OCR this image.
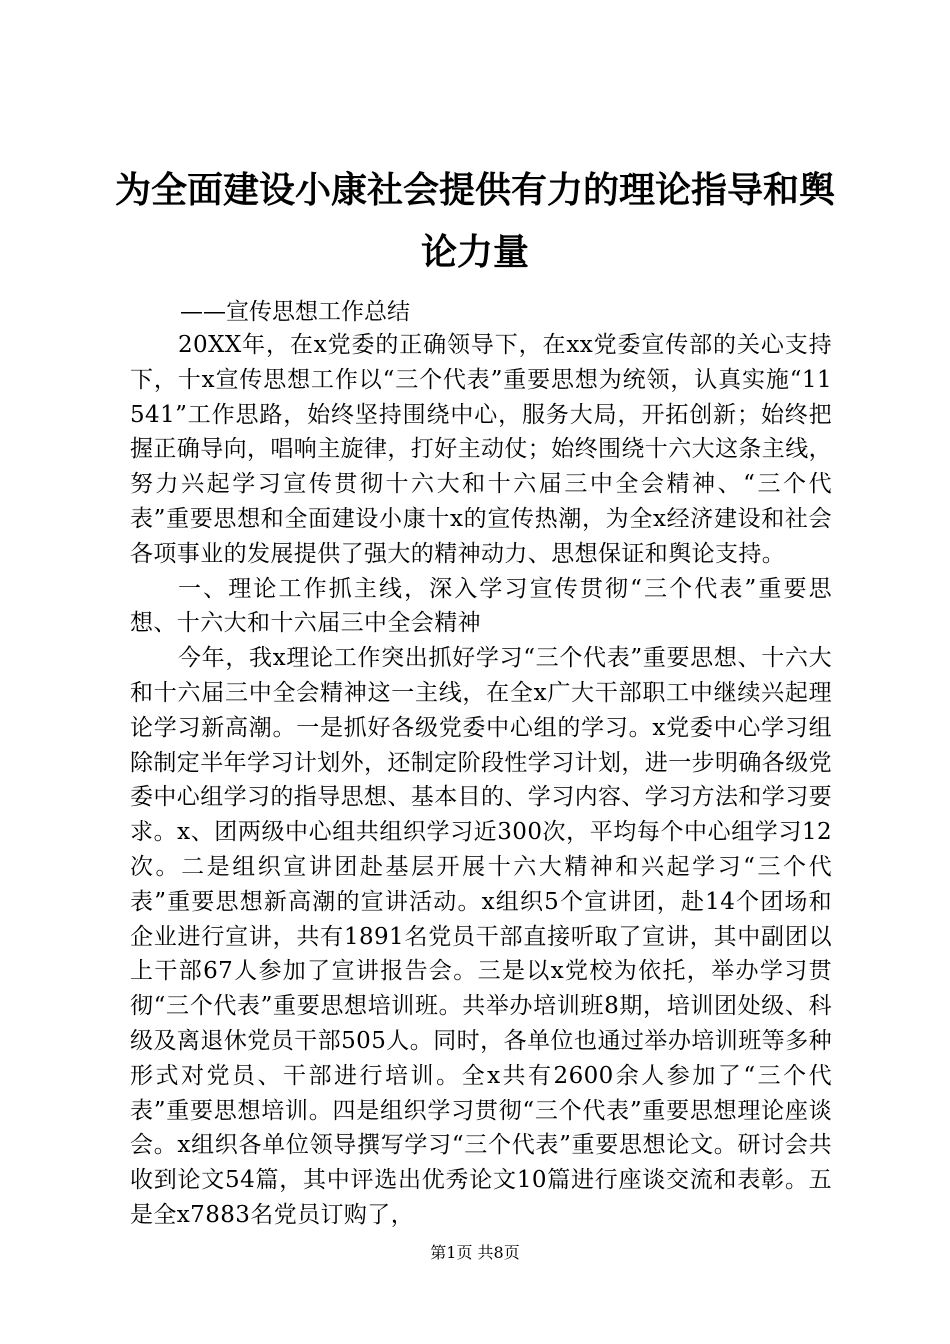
为全面建设小康社会提供有力的理论指导和舆论力量

——宣传思想工作总结

20XX年，在x党委的正确领导下，在xx党委宣传部的关心支持下，十x宣传思想工作以“三个代表”重要思想为统领，认真实施“11541”工作思路，始终坚持围绕中心，服务大局，开拓创新；始终把握正确导向，唱响主旋律，打好主动仗；始终围绕十六大这条主线，努力兴起学习宣传贯彻十六大和十六届三中全会精神、“三个代表”重要思想和全面建设小康十x的宣传热潮，为全x经济建设和社会各项事业的发展提供了强大的精神动力、思想保证和舆论支持。

一、理论工作抓主线，深入学习宣传贯彻“三个代表”重要思想、十六大和十六届三中全会精神

今年，我x理论工作突出抓好学习“三个代表”重要思想、十六大和十六届三中全会精神这一主线，在全x广大干部职工中继续兴起理论学习新高潮。一是抓好各级党委中心组的学习。x党委中心学习组除制定半年学习计划外，还制定阶段性学习计划，进一步明确各级党委中心组学习的指导思想、基本目的、学习内容、学习方法和学习要求。x、团两级中心组共组织学习近300次，平均每个中心组学习12次。二是组织宣讲团赴基层开展十六大精神和兴起学习“三个代表”重要思想新高潮的宣讲活动。x组织5个宣讲团，赴14个团场和企业进行宣讲，共有1891名党员干部直接听取了宣讲，其中副团以上干部67人参加了宣讲报告会。三是以x党校为依托，举办学习贯彻“三个代表”重要思想培训班。共举办培训班8期，培训团处级、科级及离退休党员干部505人。同时，各单位也通过举办培训班等多种形式对党员、干部进行培训。全x共有2600余人参加了“三个代表”重要思想培训。四是组织学习贯彻“三个代表”重要思想理论座谈会。x组织各单位领导撰写学习“三个代表”重要思想论文。研讨会共收到论文54篇，其中评选出优秀论文10篇进行座谈交流和表彰。五是全x7883名党员订购了，

第1页 共8页
